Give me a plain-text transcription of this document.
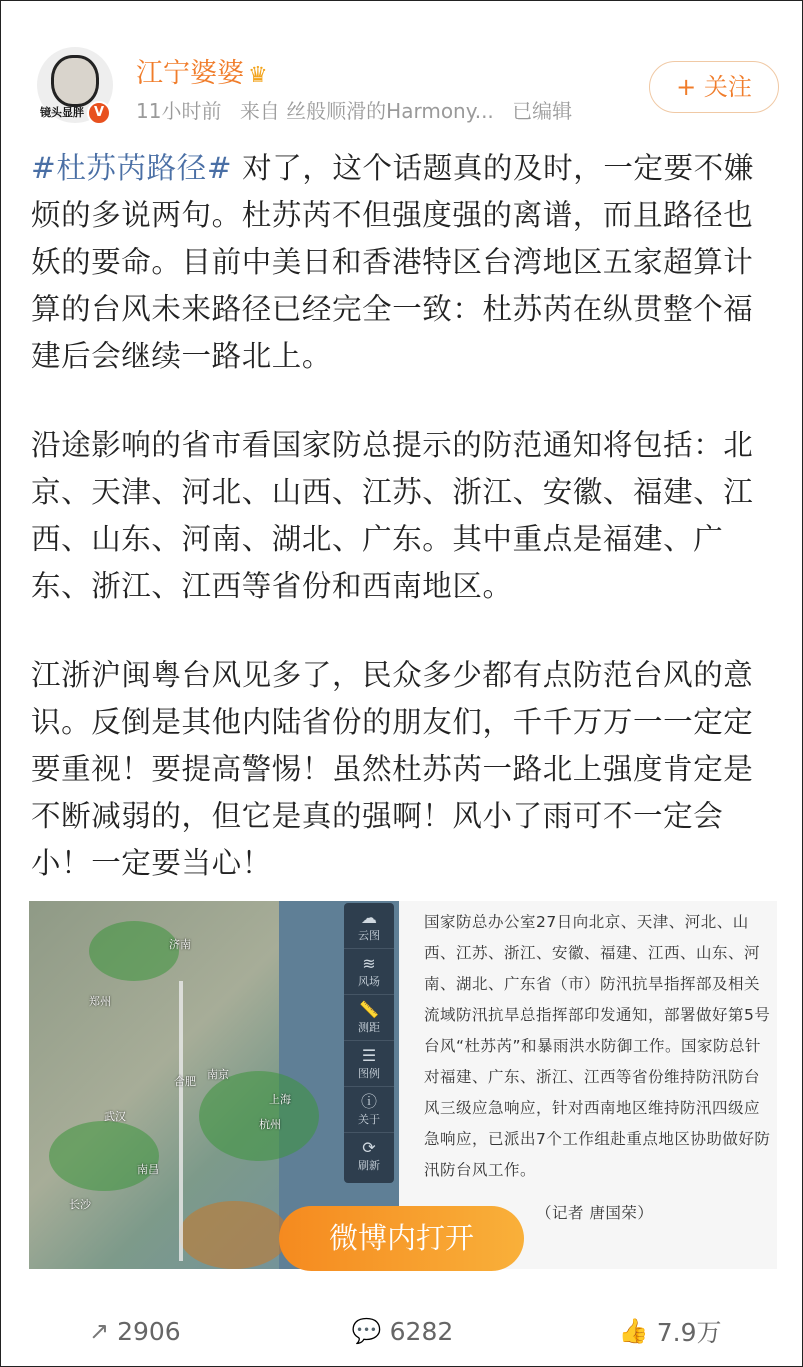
镜头显胖 V
江宁婆婆 ♛
11小时前 来自 丝般顺滑的Harmony... 已编辑
+ 关注

#杜苏芮路径# 对了，这个话题真的及时，一定要不嫌烦的多说两句。杜苏芮不但强度强的离谱，而且路径也妖的要命。目前中美日和香港特区台湾地区五家超算计算的台风未来路径已经完全一致：杜苏芮在纵贯整个福建后会继续一路北上。

沿途影响的省市看国家防总提示的防范通知将包括：北京、天津、河北、山西、江苏、浙江、安徽、福建、江西、山东、河南、湖北、广东。其中重点是福建、广东、浙江、江西等省份和西南地区。

江浙沪闽粤台风见多了，民众多少都有点防范台风的意识。反倒是其他内陆省份的朋友们，千千万万一一定定要重视！要提高警惕！虽然杜苏芮一路北上强度肯定是不断减弱的，但它是真的强啊！风小了雨可不一定会小！一定要当心！

济南
郑州
合肥
南京
上海
武汉
杭州
南昌
长沙
☁
云图
≋
风场
📏
测距
☰
图例
ⓘ
关于
⟳
刷新
国家防总办公室27日向北京、天津、河北、山西、江苏、浙江、安徽、福建、江西、山东、河南、湖北、广东省（市）防汛抗旱指挥部及相关流域防汛抗旱总指挥部印发通知，部署做好第5号台风“杜苏芮”和暴雨洪水防御工作。国家防总针对福建、广东、浙江、江西等省份维持防汛防台风三级应急响应，针对西南地区维持防汛四级应急响应，已派出7个工作组赴重点地区协助做好防汛防台风工作。
（记者 唐国荣）
微博内打开
↗ 2906	💬 6282	👍 7.9万
